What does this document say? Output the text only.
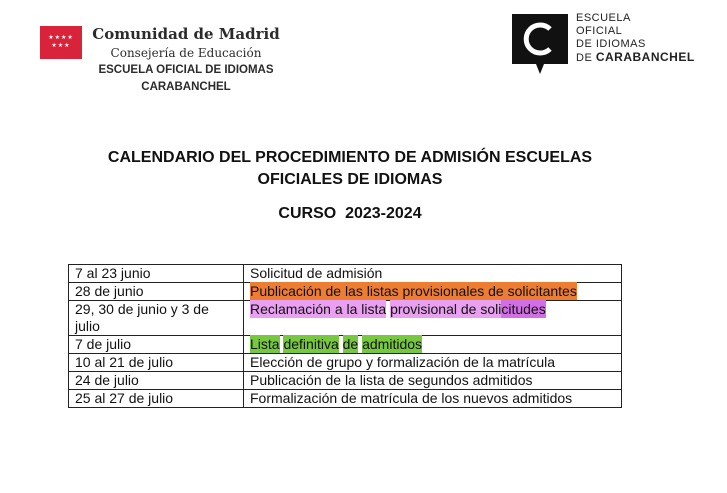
★★★★
★★★
Comunidad de Madrid
Consejería de Educación
ESCUELA OFICIAL DE IDIOMAS
CARABANCHEL
ESCUELA
OFICIAL
DE IDIOMAS
DE CARABANCHEL
CALENDARIO DEL PROCEDIMIENTO DE ADMISIÓN ESCUELAS
OFICIALES DE IDIOMAS
CURSO  2023-2024
7 al 23 junio	Solicitud de admisión
28 de junio	Publicación de las listas provisionales de solicitantes
29, 30 de junio y 3 de julio	Reclamación a la lista provisional de solicitudes
7 de julio	Lista definitiva de admitidos
10 al 21 de julio	Elección de grupo y formalización de la matrícula
24 de julio	Publicación de la lista de segundos admitidos
25 al 27 de julio	Formalización de matrícula de los nuevos admitidos
